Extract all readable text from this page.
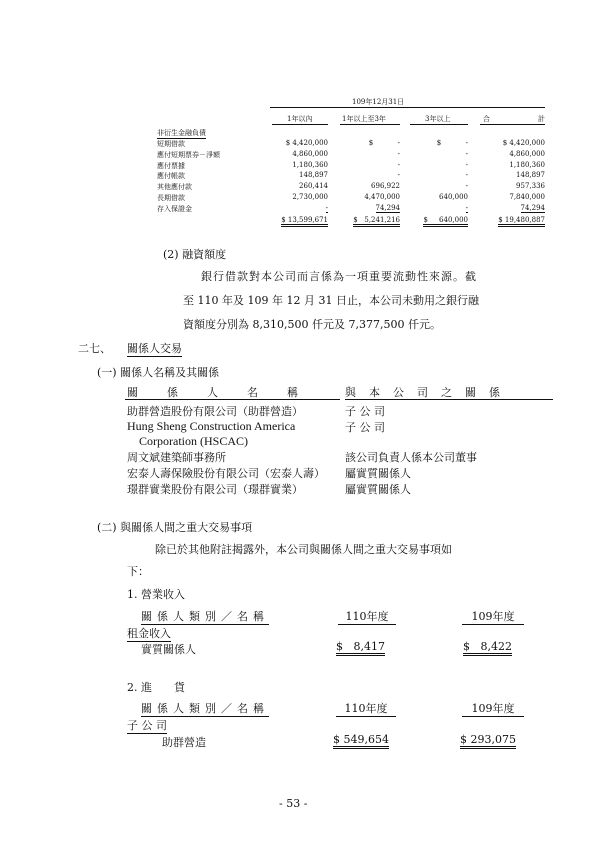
109年12月31日
1年以內	1年以上至3年	3年以上	合	計
非衍生金融負債
短期借款	$ 4,420,000	$           -	$           -	$ 4,420,000
應付短期票券－淨額	4,860,000	-	-	4,860,000
應付票據	1,180,360	-	-	1,180,360
應付帳款	148,897	-	-	148,897
其他應付款	260,414	696,922	-	957,336
長期借款	2,730,000	4,470,000	640,000	7,840,000
存入保證金	-	74,294	-	74,294
$ 13,599,671	$   5,241,216	$     640,000	$ 19,480,887
(2) 融資額度
銀行借款對本公司而言係為一項重要流動性來源。截
至 110 年及 109 年 12 月 31 日止，本公司未動用之銀行融
資額度分別為 8,310,500 仟元及 7,377,500 仟元。
二七、 關係人交易
(一) 關係人名稱及其關係
關係人名稱 與本公司之關係
助群營造股份有限公司（助群營造）	子 公 司
Hung Sheng Construction America	子 公 司
Corporation (HSCAC)
周文斌建築師事務所	該公司負責人係本公司董事
宏泰人壽保險股份有限公司（宏泰人壽） 屬實質關係人
璟群實業股份有限公司（璟群實業）	屬實質關係人
(二) 與關係人間之重大交易事項
除已於其他附註揭露外，本公司與關係人間之重大交易事項如
下：
1. 營業收入
關係人類別／名稱	110年度	109年度
租金收入
實質關係人	$   8,417	$   8,422
2. 進　　貨
關係人類別／名稱	110年度	109年度
子 公 司
助群營造	$ 549,654	$ 293,075
- 53 -
